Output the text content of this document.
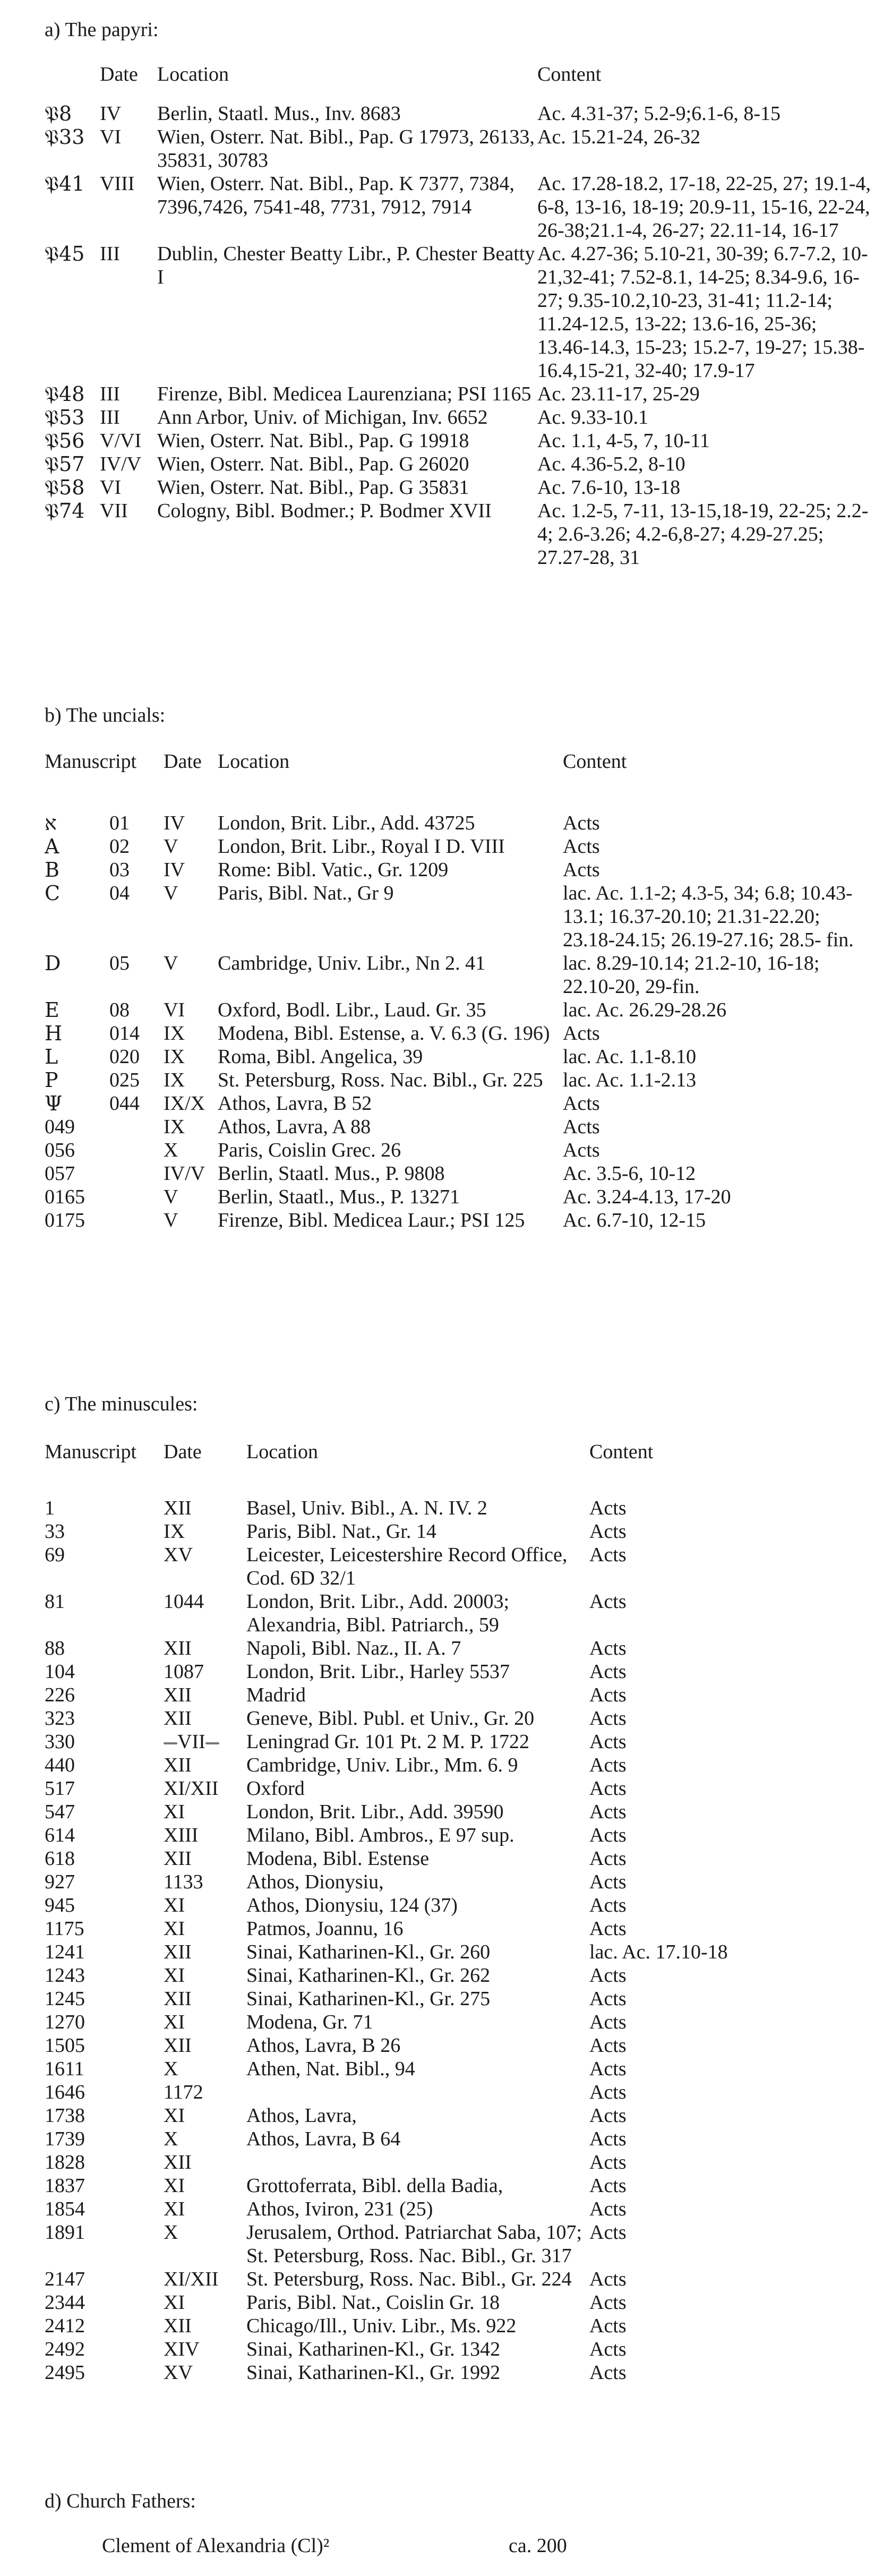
a) The papyri:
	Date	Location	Content

𝔓8	IV	Berlin, Staatl. Mus., Inv. 8683	Ac. 4.31-37; 5.2-9;6.1-6, 8-15
𝔓33	VI	Wien, Osterr. Nat. Bibl., Pap. G 17973, 26133, 35831, 30783	Ac. 15.21-24, 26-32
𝔓41	VIII	Wien, Osterr. Nat. Bibl., Pap. K 7377, 7384, 7396,7426, 7541-48, 7731, 7912, 7914	Ac. 17.28-18.2, 17-18, 22-25, 27; 19.1-4, 6-8, 13-16, 18-19; 20.9-11, 15-16, 22-24, 26-38;21.1-4, 26-27; 22.11-14, 16-17
𝔓45	III	Dublin, Chester Beatty Libr., P. Chester Beatty I	Ac. 4.27-36; 5.10-21, 30-39; 6.7-7.2, 10-21,32-41; 7.52-8.1, 14-25; 8.34-9.6, 16-27; 9.35-10.2,10-23, 31-41; 11.2-14; 11.24-12.5, 13-22; 13.6-16, 25-36; 13.46-14.3, 15-23; 15.2-7, 19-27; 15.38-16.4,15-21, 32-40; 17.9-17
𝔓48	III	Firenze, Bibl. Medicea Laurenziana; PSI 1165	Ac. 23.11-17, 25-29
𝔓53	III	Ann Arbor, Univ. of Michigan, Inv. 6652	Ac. 9.33-10.1
𝔓56	V/VI	Wien, Osterr. Nat. Bibl., Pap. G 19918	Ac. 1.1, 4-5, 7, 10-11
𝔓57	IV/V	Wien, Osterr. Nat. Bibl., Pap. G 26020	Ac. 4.36-5.2, 8-10
𝔓58	VI	Wien, Osterr. Nat. Bibl., Pap. G 35831	Ac. 7.6-10, 13-18
𝔓74	VII	Cologny, Bibl. Bodmer.; P. Bodmer XVII	Ac. 1.2-5, 7-11, 13-15,18-19, 22-25; 2.2-4; 2.6-3.26; 4.2-6,8-27; 4.29-27.25; 27.27-28, 31
b) The uncials:
Manuscript		Date	Location	Content

א	01	IV	London, Brit. Libr., Add. 43725	Acts
A	02	V	London, Brit. Libr., Royal I D. VIII	Acts
B	03	IV	Rome: Bibl. Vatic., Gr. 1209	Acts
C	04	V	Paris, Bibl. Nat., Gr 9	lac. Ac. 1.1-2; 4.3-5, 34; 6.8; 10.43-13.1; 16.37-20.10; 21.31-22.20; 23.18-24.15; 26.19-27.16; 28.5- fin.
D	05	V	Cambridge, Univ. Libr., Nn 2. 41	lac. 8.29-10.14; 21.2-10, 16-18; 22.10-20, 29-fin.
E	08	VI	Oxford, Bodl. Libr., Laud. Gr. 35	lac. Ac. 26.29-28.26
H	014	IX	Modena, Bibl. Estense, a. V. 6.3 (G. 196)	Acts
L	020	IX	Roma, Bibl. Angelica, 39	lac. Ac. 1.1-8.10
P	025	IX	St. Petersburg, Ross. Nac. Bibl., Gr. 225	lac. Ac. 1.1-2.13
Ψ	044	IX/X	Athos, Lavra, B 52	Acts
049		IX	Athos, Lavra, A 88	Acts
056		X	Paris, Coislin Grec. 26	Acts
057		IV/V	Berlin, Staatl. Mus., P. 9808	Ac. 3.5-6, 10-12
0165		V	Berlin, Staatl., Mus., P. 13271	Ac. 3.24-4.13, 17-20
0175		V	Firenze, Bibl. Medicea Laur.; PSI 125	Ac. 6.7-10, 12-15
c) The minuscules:
Manuscript	Date	Location	Content

1	XII	Basel, Univ. Bibl., A. N. IV. 2	Acts
33	IX	Paris, Bibl. Nat., Gr. 14	Acts
69	XV	Leicester, Leicestershire Record Office, Cod. 6D 32/1	Acts
81	1044	London, Brit. Libr., Add. 20003; Alexandria, Bibl. Patriarch., 59	Acts
88	XII	Napoli, Bibl. Naz., II. A. 7	Acts
104	1087	London, Brit. Libr., Harley 5537	Acts
226	XII	Madrid	Acts
323	XII	Geneve, Bibl. Publ. et Univ., Gr. 20	Acts
330	VII	Leningrad Gr. 101 Pt. 2 M. P. 1722	Acts
440	XII	Cambridge, Univ. Libr., Mm. 6. 9	Acts
517	XI/XII	Oxford	Acts
547	XI	London, Brit. Libr., Add. 39590	Acts
614	XIII	Milano, Bibl. Ambros., E 97 sup.	Acts
618	XII	Modena, Bibl. Estense	Acts
927	1133	Athos, Dionysiu,	Acts
945	XI	Athos, Dionysiu, 124 (37)	Acts
1175	XI	Patmos, Joannu, 16	Acts
1241	XII	Sinai, Katharinen-Kl., Gr. 260	lac. Ac. 17.10-18
1243	XI	Sinai, Katharinen-Kl., Gr. 262	Acts
1245	XII	Sinai, Katharinen-Kl., Gr. 275	Acts
1270	XI	Modena, Gr. 71	Acts
1505	XII	Athos, Lavra, B 26	Acts
1611	X	Athen, Nat. Bibl., 94	Acts
1646	1172		Acts
1738	XI	Athos, Lavra,	Acts
1739	X	Athos, Lavra, B 64	Acts
1828	XII		Acts
1837	XI	Grottoferrata, Bibl. della Badia,	Acts
1854	XI	Athos, Iviron, 231 (25)	Acts
1891	X	Jerusalem, Orthod. Patriarchat Saba, 107; St. Petersburg, Ross. Nac. Bibl., Gr. 317	Acts
2147	XI/XII	St. Petersburg, Ross. Nac. Bibl., Gr. 224	Acts
2344	XI	Paris, Bibl. Nat., Coislin Gr. 18	Acts
2412	XII	Chicago/Ill., Univ. Libr., Ms. 922	Acts
2492	XIV	Sinai, Katharinen-Kl., Gr. 1342	Acts
2495	XV	Sinai, Katharinen-Kl., Gr. 1992	Acts
d) Church Fathers:
Clement of Alexandria (Cl)²	ca. 200
